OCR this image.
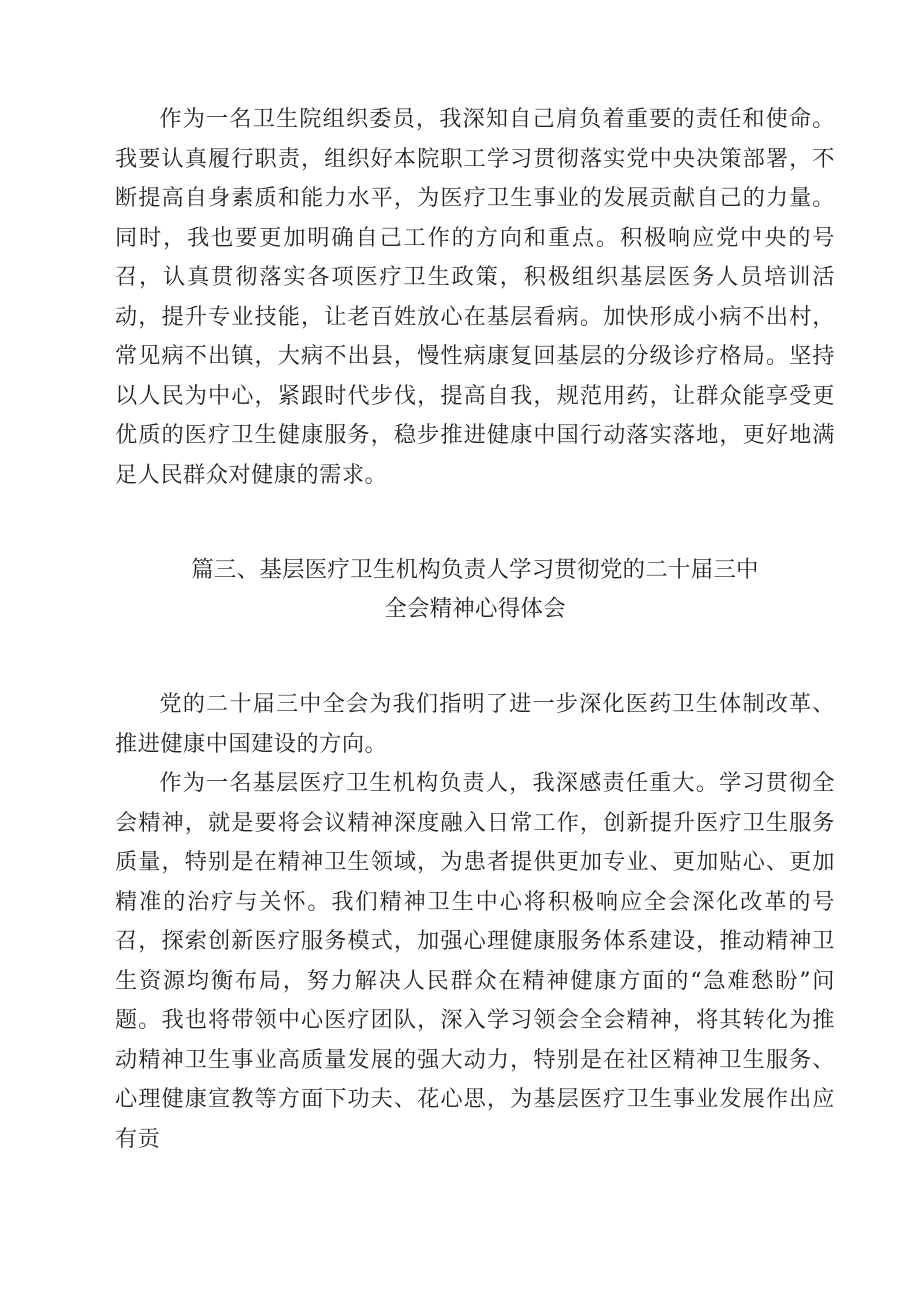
作为一名卫生院组织委员，我深知自己肩负着重要的责任和使命。我要认真履行职责，组织好本院职工学习贯彻落实党中央决策部署，不断提高自身素质和能力水平，为医疗卫生事业的发展贡献自己的力量。同时，我也要更加明确自己工作的方向和重点。积极响应党中央的号召，认真贯彻落实各项医疗卫生政策，积极组织基层医务人员培训活动，提升专业技能，让老百姓放心在基层看病。加快形成小病不出村，常见病不出镇，大病不出县，慢性病康复回基层的分级诊疗格局。坚持以人民为中心，紧跟时代步伐，提高自我，规范用药，让群众能享受更优质的医疗卫生健康服务，稳步推进健康中国行动落实落地，更好地满足人民群众对健康的需求。

篇三、基层医疗卫生机构负责人学习贯彻党的二十届三中
全会精神心得体会

党的二十届三中全会为我们指明了进一步深化医药卫生体制改革、推进健康中国建设的方向。

作为一名基层医疗卫生机构负责人，我深感责任重大。学习贯彻全会精神，就是要将会议精神深度融入日常工作，创新提升医疗卫生服务质量，特别是在精神卫生领域，为患者提供更加专业、更加贴心、更加精准的治疗与关怀。我们精神卫生中心将积极响应全会深化改革的号召，探索创新医疗服务模式，加强心理健康服务体系建设，推动精神卫生资源均衡布局，努力解决人民群众在精神健康方面的“急难愁盼”问题。我也将带领中心医疗团队，深入学习领会全会精神，将其转化为推动精神卫生事业高质量发展的强大动力，特别是在社区精神卫生服务、心理健康宣教等方面下功夫、花心思，为基层医疗卫生事业发展作出应有贡
